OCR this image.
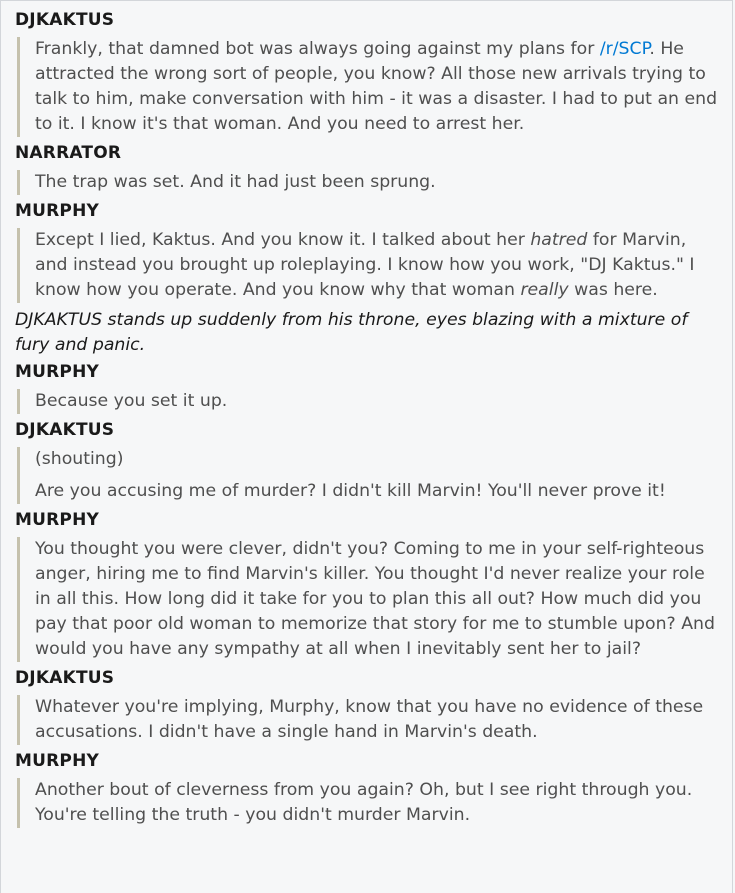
DJKAKTUS

Frankly, that damned bot was always going against my plans for /r/SCP. He attracted the wrong sort of people, you know? All those new arrivals trying to talk to him, make conversation with him - it was a disaster. I had to put an end to it. I know it's that woman. And you need to arrest her.

NARRATOR

The trap was set. And it had just been sprung.

MURPHY

Except I lied, Kaktus. And you know it. I talked about her hatred for Marvin, and instead you brought up roleplaying. I know how you work, "DJ Kaktus." I know how you operate. And you know why that woman really was here.

DJKAKTUS stands up suddenly from his throne, eyes blazing with a mixture of fury and panic.
MURPHY

Because you set it up.

DJKAKTUS

(shouting)

Are you accusing me of murder? I didn't kill Marvin! You'll never prove it!

MURPHY

You thought you were clever, didn't you? Coming to me in your self-righteous anger, hiring me to find Marvin's killer. You thought I'd never realize your role in all this. How long did it take for you to plan this all out? How much did you pay that poor old woman to memorize that story for me to stumble upon? And would you have any sympathy at all when I inevitably sent her to jail?

DJKAKTUS

Whatever you're implying, Murphy, know that you have no evidence of these accusations. I didn't have a single hand in Marvin's death.

MURPHY

Another bout of cleverness from you again? Oh, but I see right through you. You're telling the truth - you didn't murder Marvin.
